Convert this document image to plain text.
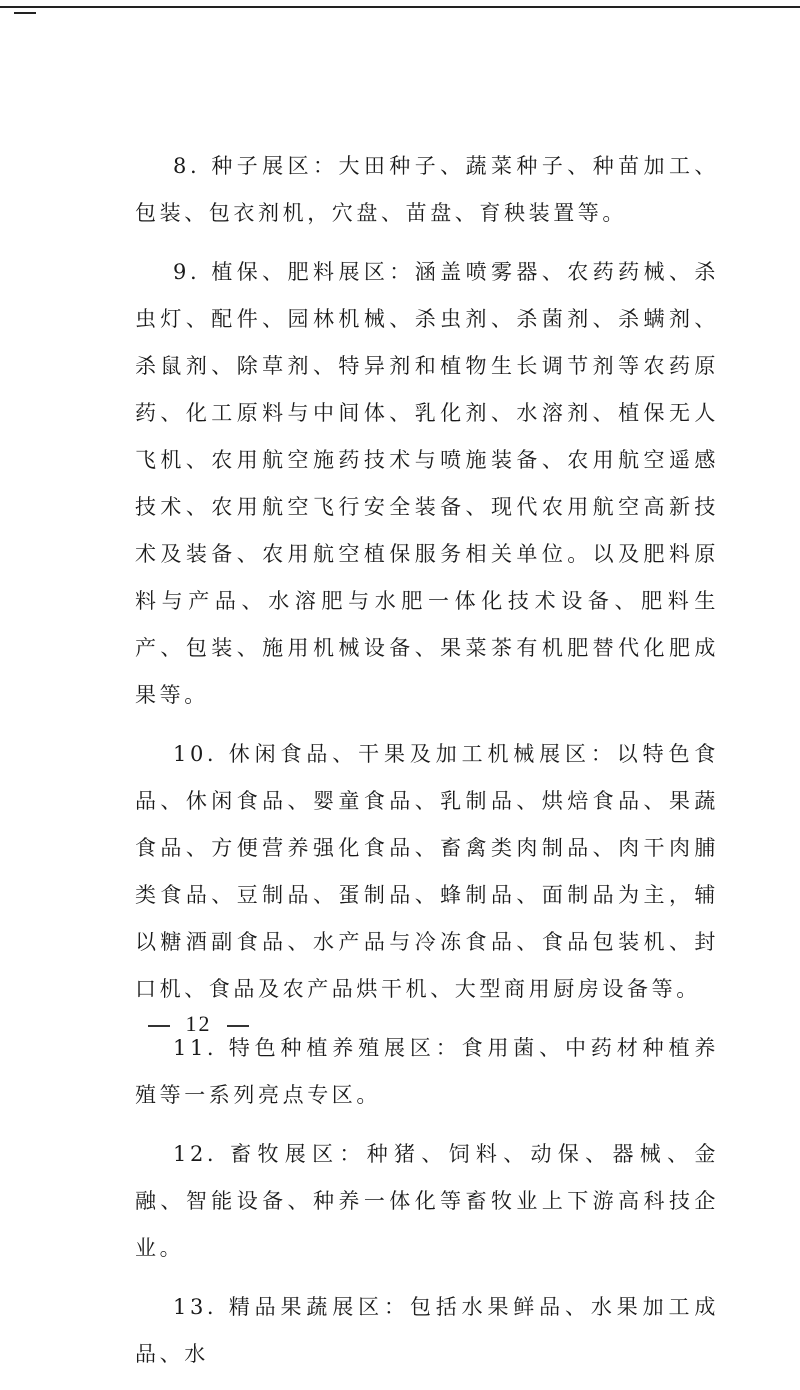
8. 种子展区：大田种子、蔬菜种子、种苗加工、包装、包衣剂机，穴盘、苗盘、育秧装置等。

9. 植保、肥料展区：涵盖喷雾器、农药药械、杀虫灯、配件、园林机械、杀虫剂、杀菌剂、杀螨剂、杀鼠剂、除草剂、特异剂和植物生长调节剂等农药原药、化工原料与中间体、乳化剂、水溶剂、植保无人飞机、农用航空施药技术与喷施装备、农用航空遥感技术、农用航空飞行安全装备、现代农用航空高新技术及装备、农用航空植保服务相关单位。以及肥料原料与产品、水溶肥与水肥一体化技术设备、肥料生产、包装、施用机械设备、果菜茶有机肥替代化肥成果等。

10. 休闲食品、干果及加工机械展区：以特色食品、休闲食品、婴童食品、乳制品、烘焙食品、果蔬食品、方便营养强化食品、畜禽类肉制品、肉干肉脯类食品、豆制品、蛋制品、蜂制品、面制品为主，辅以糖酒副食品、水产品与冷冻食品、食品包装机、封口机、食品及农产品烘干机、大型商用厨房设备等。

11. 特色种植养殖展区：食用菌、中药材种植养殖等一系列亮点专区。

12. 畜牧展区：种猪、饲料、动保、器械、金融、智能设备、种养一体化等畜牧业上下游高科技企业。

13. 精品果蔬展区：包括水果鲜品、水果加工成品、水

12
